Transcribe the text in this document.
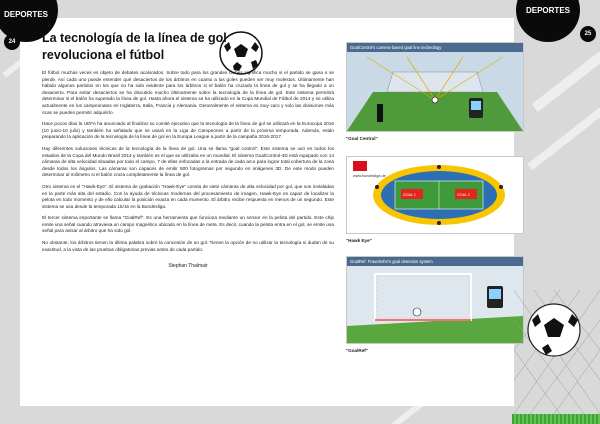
DEPORTES
24
DEPORTES
25
La tecnología de la línea de gol
revoluciona el fútbol

El fútbol muchas veces es objeto de debates acalorados. Sobre todo para los grandes clubes significa mucho si el partido se gana o se pierde. Así cada uno puede entender qué desaciertos de los árbitros en cuanto a los goles pueden ser muy molestos. Últimamente han habido algunos partidos en los que no ha sido evidente para los árbitros si el balón ha cruzado la línea de gol y se ha llegado a un desacierto. Para evitar desaciertos se ha discutido mucho últimamente sobre la tecnología de la línea de gol. Este sistema permitirá determinar si el balón ha superado la línea de gol. Hasta ahora el sistema se ha utilizado en la Copa Mundial de Fútbol de 2014 y se utiliza actualmente en los campeonatos en Inglaterra, Italia, Francia y Alemania. Generalmente el sistema es muy caro y solo las divisiones más ricas se pueden permitir adquirirlo.

Hace pocos días la UEFA ha anunciado al finalizar su comité ejecutivo que la tecnología de la línea de gol se utilizará en la Eurocopa 2016 (10 junio-10 julio) y también ha señalado que se usará en la Liga de Campeones a partir de la próxima temporada. Además, están preparando la aplicación de la tecnología de la línea de gol en la Europa League a partir de la campaña 2016-2017.

Hay diferentes soluciones técnicas de la tecnología de la línea de gol. Una se llama "goal control". Este sistema se usó en todos los estadios de la Copa del Mundo Brasil 2014 y también es el que se utilizaba en un mundial. El sistema GoalControl-4D está equipado con 14 cámaras de alta velocidad situadas por todo el campo, 7 de ellas enfocadas a la entrada de cada arco para lograr total cobertura de la zona desde todos los ángulos. Las cámaras son capaces de emitir 500 fotogramas por segundo en imágenes 3D. De este modo pueden determinar al milímetro si el balón cruza completamente la línea de gol.

Otro sistema es el "Hawk-Eye". El sistema de grabación "Hawk-Eye" consta de siete cámaras de alta velocidad por gol, que son instaladas en la parte más alta del estadio. Con la ayuda de técnicas modernas del procesamiento de imagen, Hawk-Eye es capaz de localizar la pelota en todo momento y de ello calcular la posición exacta en cada momento. El árbitro recibe respuesta en menos de un segundo. Este sistema se usa desde la temporada 15/16 en la Bundesliga.

El tercer sistema importante se llama "GoalRef". Es una herramienta que funciona mediante un sensor en la pelota del partido. Este chip emite una señal cuando atraviesa un campo magnético ubicado en la línea de meta. Es decir, cuando la pelota entra en el gol, se emite una señal para avisar al árbitro que ha sido gol.

No obstante, los árbitros tienen la última palabra sobre la concesión de un gol. Tienen la opción de no utilizar la tecnología si dudan de su exactitud, a la vista de las pruebas obligatorias previas antes de cada partido.

Stephan Thalmair
GoalControl's camera-based goal line technology
"Goal Central"
www.bundesliga.de
GOAL 1	GOAL 2
"Hawk Eye"
GoalRef: Fraunhofer's goal detection system
"GoalRef"
